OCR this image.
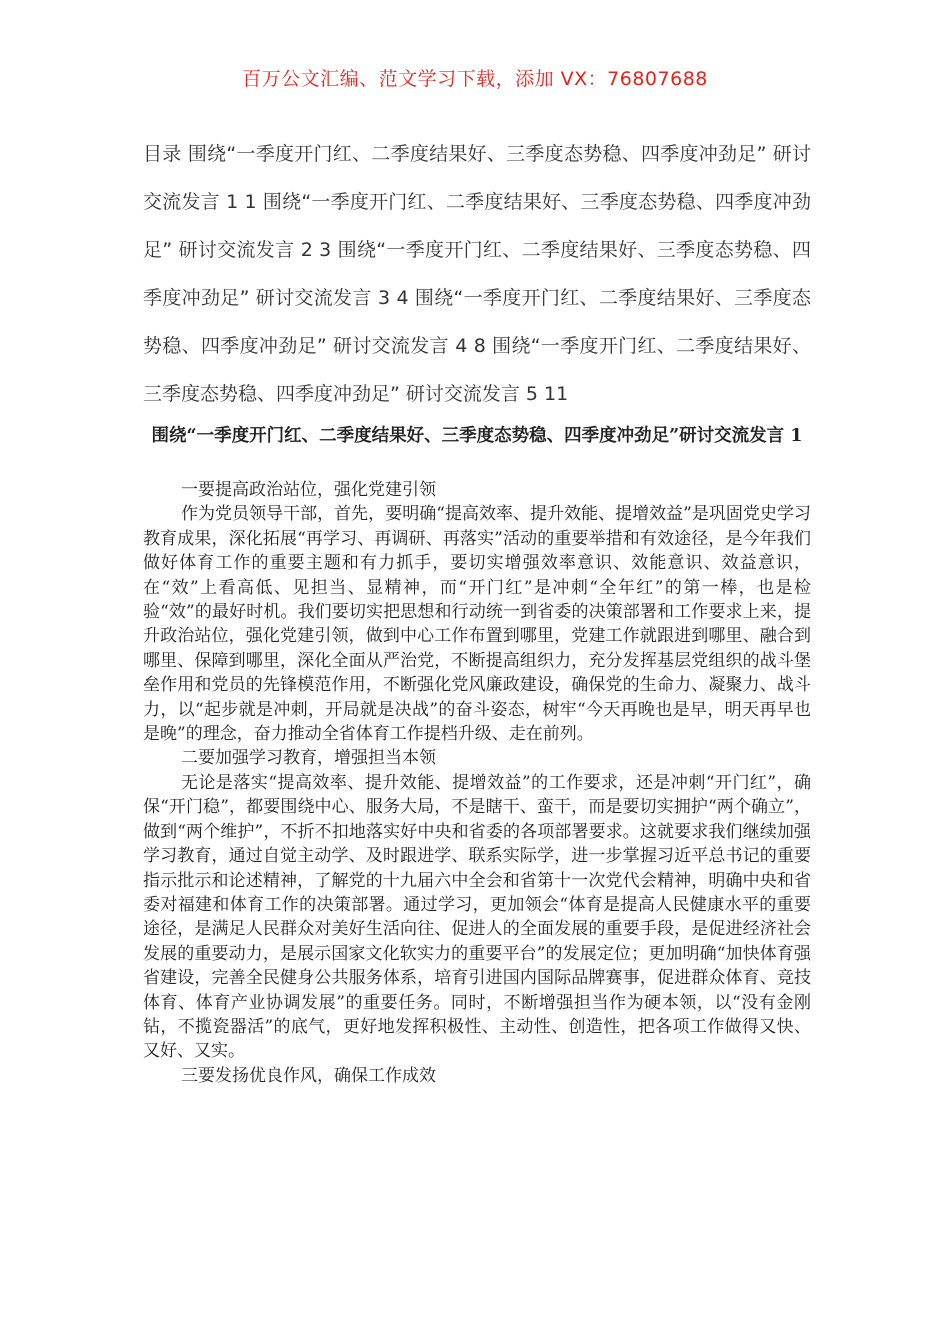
百万公文汇编、范文学习下载，添加 VX：76807688
目录 围绕“一季度开门红、二季度结果好、三季度态势稳、四季度冲劲足” 研讨交流发言 1 1 围绕“一季度开门红、二季度结果好、三季度态势稳、四季度冲劲足” 研讨交流发言 2 3 围绕“一季度开门红、二季度结果好、三季度态势稳、四季度冲劲足” 研讨交流发言 3 4 围绕“一季度开门红、二季度结果好、三季度态势稳、四季度冲劲足” 研讨交流发言 4 8 围绕“一季度开门红、二季度结果好、三季度态势稳、四季度冲劲足” 研讨交流发言 5 11
围绕“一季度开门红、二季度结果好、三季度态势稳、四季度冲劲足”研讨交流发言 1

一要提高政治站位，强化党建引领

作为党员领导干部，首先，要明确“提高效率、提升效能、提增效益”是巩固党史学习教育成果，深化拓展“再学习、再调研、再落实”活动的重要举措和有效途径，是今年我们做好体育工作的重要主题和有力抓手，要切实增强效率意识、效能意识、效益意识，在“效”上看高低、见担当、显精神，而“开门红”是冲刺“全年红”的第一棒，也是检验“效”的最好时机。我们要切实把思想和行动统一到省委的决策部署和工作要求上来，提升政治站位，强化党建引领，做到中心工作布置到哪里，党建工作就跟进到哪里、融合到哪里、保障到哪里，深化全面从严治党，不断提高组织力，充分发挥基层党组织的战斗堡垒作用和党员的先锋模范作用，不断强化党风廉政建设，确保党的生命力、凝聚力、战斗力，以“起步就是冲刺，开局就是决战”的奋斗姿态，树牢“今天再晚也是早，明天再早也是晚”的理念，奋力推动全省体育工作提档升级、走在前列。

二要加强学习教育，增强担当本领

无论是落实“提高效率、提升效能、提增效益”的工作要求，还是冲刺“开门红”，确保“开门稳”，都要围绕中心、服务大局，不是瞎干、蛮干，而是要切实拥护“两个确立”，做到“两个维护”，不折不扣地落实好中央和省委的各项部署要求。这就要求我们继续加强学习教育，通过自觉主动学、及时跟进学、联系实际学，进一步掌握习近平总书记的重要指示批示和论述精神，了解党的十九届六中全会和省第十一次党代会精神，明确中央和省委对福建和体育工作的决策部署。通过学习，更加领会“体育是提高人民健康水平的重要途径，是满足人民群众对美好生活向往、促进人的全面发展的重要手段，是促进经济社会发展的重要动力，是展示国家文化软实力的重要平台”的发展定位；更加明确“加快体育强省建设，完善全民健身公共服务体系，培育引进国内国际品牌赛事，促进群众体育、竞技体育、体育产业协调发展”的重要任务。同时，不断增强担当作为硬本领，以“没有金刚钻，不揽瓷器活”的底气，更好地发挥积极性、主动性、创造性，把各项工作做得又快、又好、又实。

三要发扬优良作风，确保工作成效
